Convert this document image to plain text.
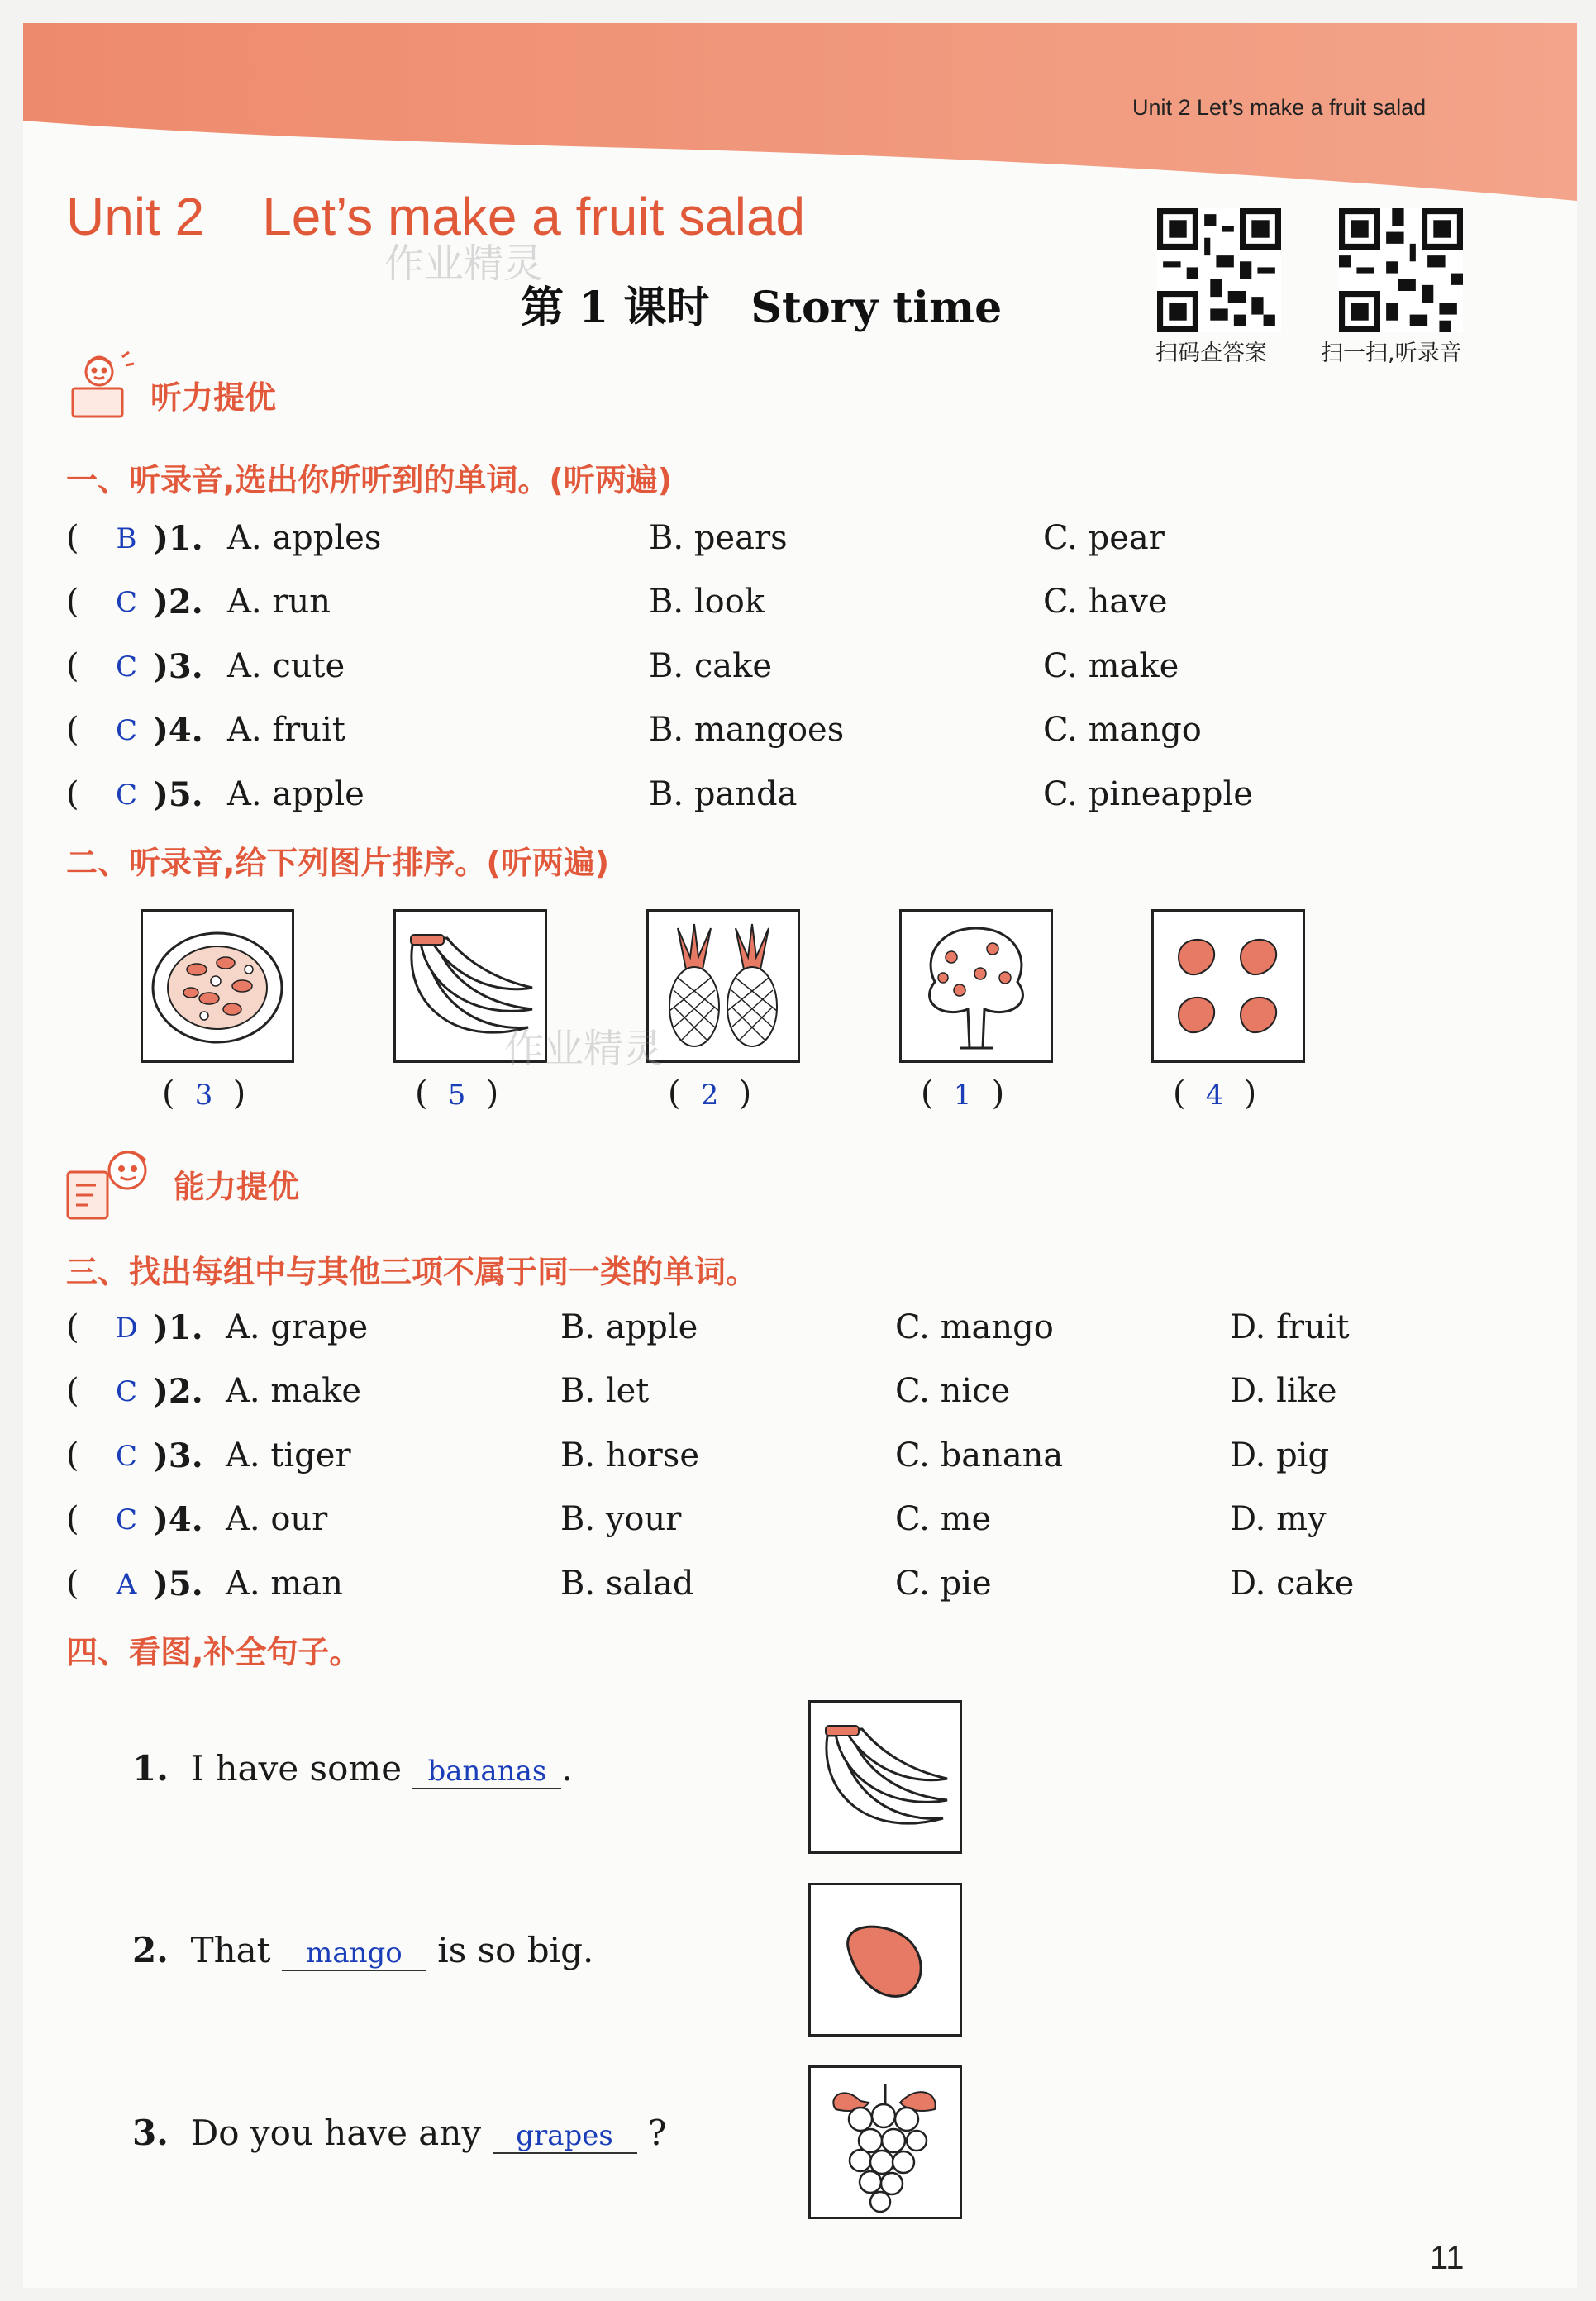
Unit 2 Let’s make a fruit salad
Unit 2 Let’s make a fruit salad
第 1 课时 Story time
作业精灵
扫码查答案 扫一扫,听录音
听力提优
一、听录音,选出你所听到的单词。(听两遍)
(	B )1. A. apples	B. pears	C. pear
(	C )2. A. run	B. look	C. have
(	C )3. A. cute	B. cake	C. make
(	C )4. A. fruit	B. mangoes	C. mango
(	C )5. A. apple	B. panda	C. pineapple
二、听录音,给下列图片排序。(听两遍)
作业精灵
( 3 )	( 5 )	( 2 )	( 1 )	( 4 )
能力提优
三、找出每组中与其他三项不属于同一类的单词。
(	D )1. A. grape	B. apple	C. mango	D. fruit
(	C )2. A. make	B. let	C. nice	D. like
(	C )3. A. tiger	B. horse	C. banana	D. pig
(	C )4. A. our	B. your	C. me	D. my
(	A )5. A. man	B. salad	C. pie	D. cake
四、看图,补全句子。
1. I have some bananas .
2. That mango is so big.
3. Do you have any grapes ?
11
